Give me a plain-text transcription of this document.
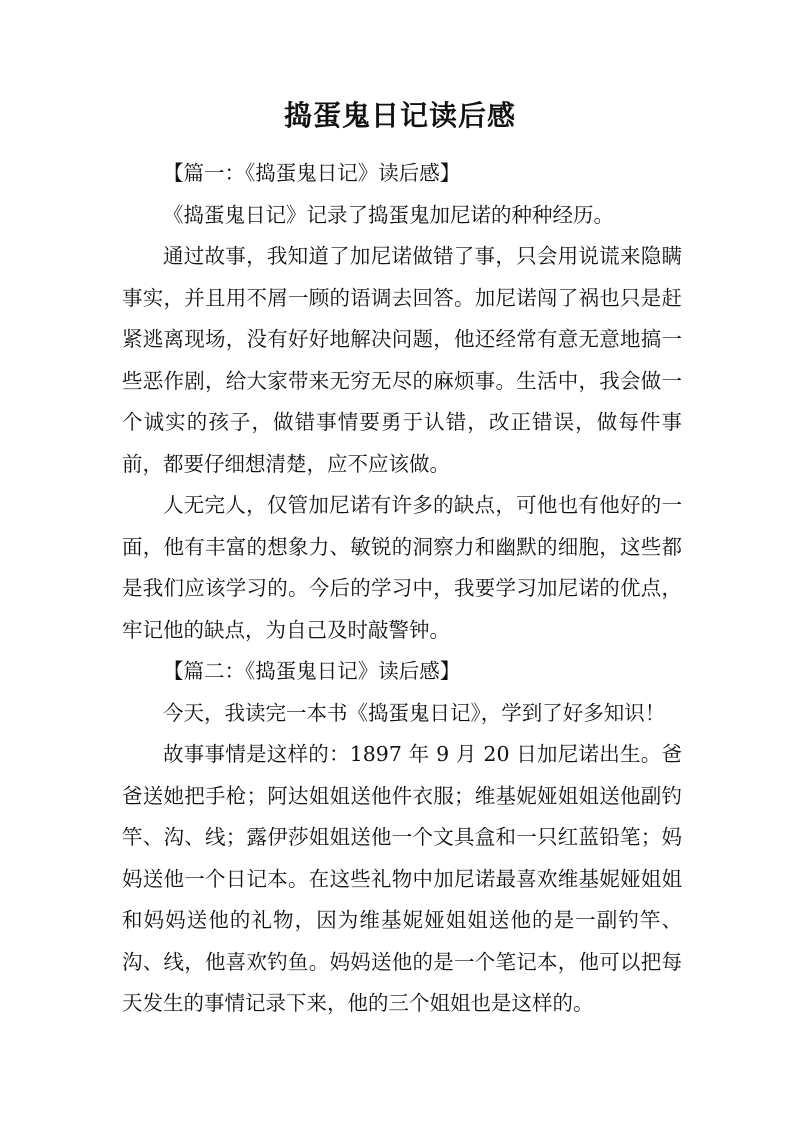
捣蛋鬼日记读后感

【篇一：《捣蛋鬼日记》读后感】

《捣蛋鬼日记》记录了捣蛋鬼加尼诺的种种经历。

通过故事，我知道了加尼诺做错了事，只会用说谎来隐瞒事实，并且用不屑一顾的语调去回答。加尼诺闯了祸也只是赶紧逃离现场，没有好好地解决问题，他还经常有意无意地搞一些恶作剧，给大家带来无穷无尽的麻烦事。生活中，我会做一个诚实的孩子，做错事情要勇于认错，改正错误，做每件事前，都要仔细想清楚，应不应该做。

人无完人，仅管加尼诺有许多的缺点，可他也有他好的一面，他有丰富的想象力、敏锐的洞察力和幽默的细胞，这些都是我们应该学习的。今后的学习中，我要学习加尼诺的优点，牢记他的缺点，为自己及时敲警钟。

【篇二：《捣蛋鬼日记》读后感】

今天，我读完一本书《捣蛋鬼日记》，学到了好多知识！

故事事情是这样的：1897 年 9 月 20 日加尼诺出生。爸爸送她把手枪；阿达姐姐送他件衣服；维基妮娅姐姐送他副钓竿、沟、线；露伊莎姐姐送他一个文具盒和一只红蓝铅笔；妈妈送他一个日记本。在这些礼物中加尼诺最喜欢维基妮娅姐姐和妈妈送他的礼物，因为维基妮娅姐姐送他的是一副钓竿、沟、线，他喜欢钓鱼。妈妈送他的是一个笔记本，他可以把每天发生的事情记录下来，他的三个姐姐也是这样的。
